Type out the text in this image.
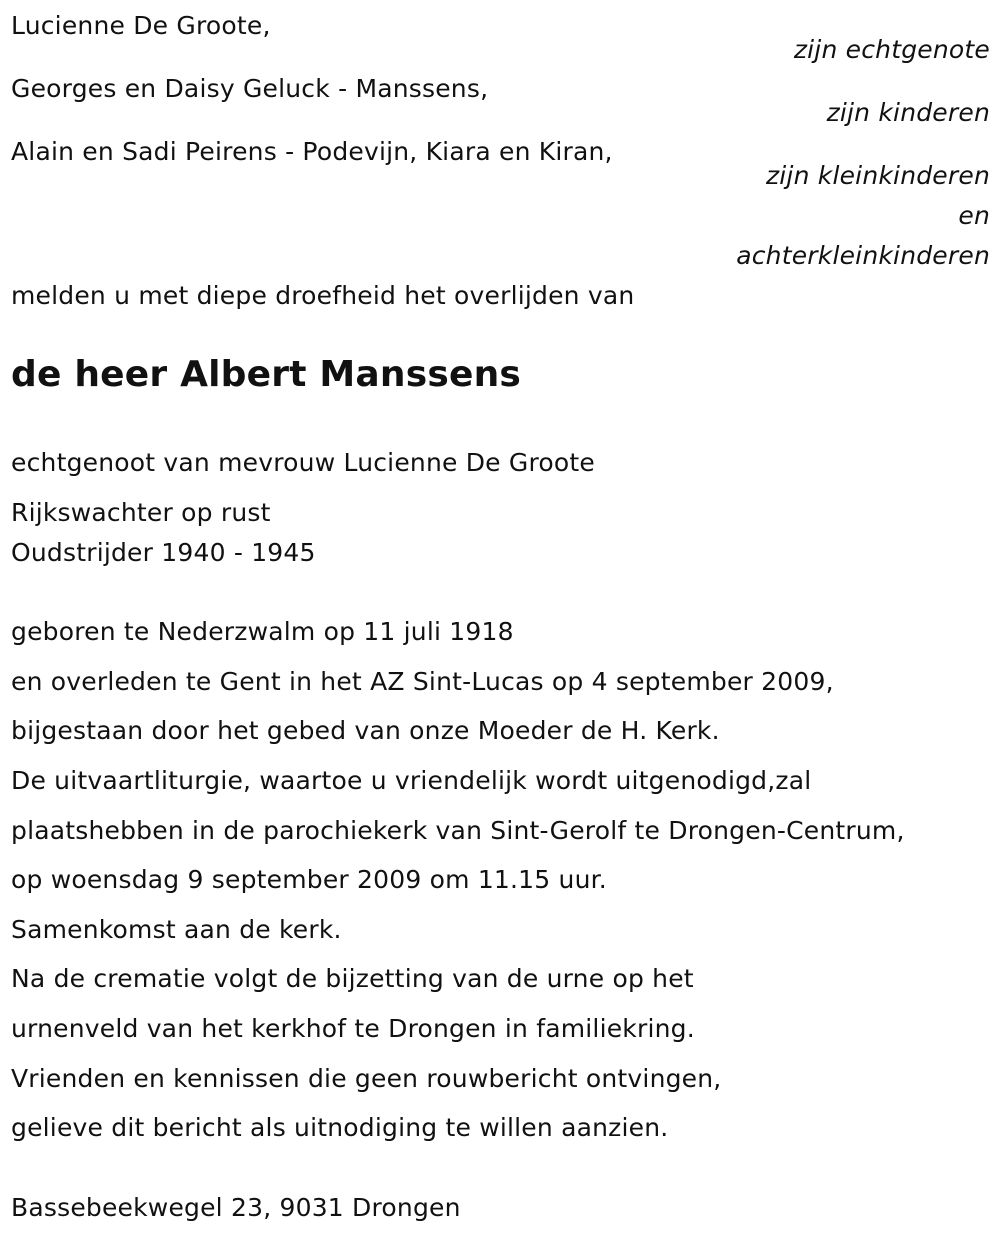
Lucienne De Groote,
zijn echtgenote
Georges en Daisy Geluck - Manssens,
zijn kinderen
Alain en Sadi Peirens - Podevijn, Kiara en Kiran,
zijn kleinkinderen
en
achterkleinkinderen
melden u met diepe droefheid het overlijden van
de heer Albert Manssens
echtgenoot van mevrouw Lucienne De Groote
Rijkswachter op rust
Oudstrijder 1940 - 1945
geboren te Nederzwalm op 11 juli 1918
en overleden te Gent in het AZ Sint-Lucas op 4 september 2009,
bijgestaan door het gebed van onze Moeder de H. Kerk.
De uitvaartliturgie, waartoe u vriendelijk wordt uitgenodigd,zal
plaatshebben in de parochiekerk van Sint-Gerolf te Drongen-Centrum,
op woensdag 9 september 2009 om 11.15 uur.
Samenkomst aan de kerk.
Na de crematie volgt de bijzetting van de urne op het
urnenveld van het kerkhof te Drongen in familiekring.
Vrienden en kennissen die geen rouwbericht ontvingen,
gelieve dit bericht als uitnodiging te willen aanzien.
Bassebeekwegel 23, 9031 Drongen
